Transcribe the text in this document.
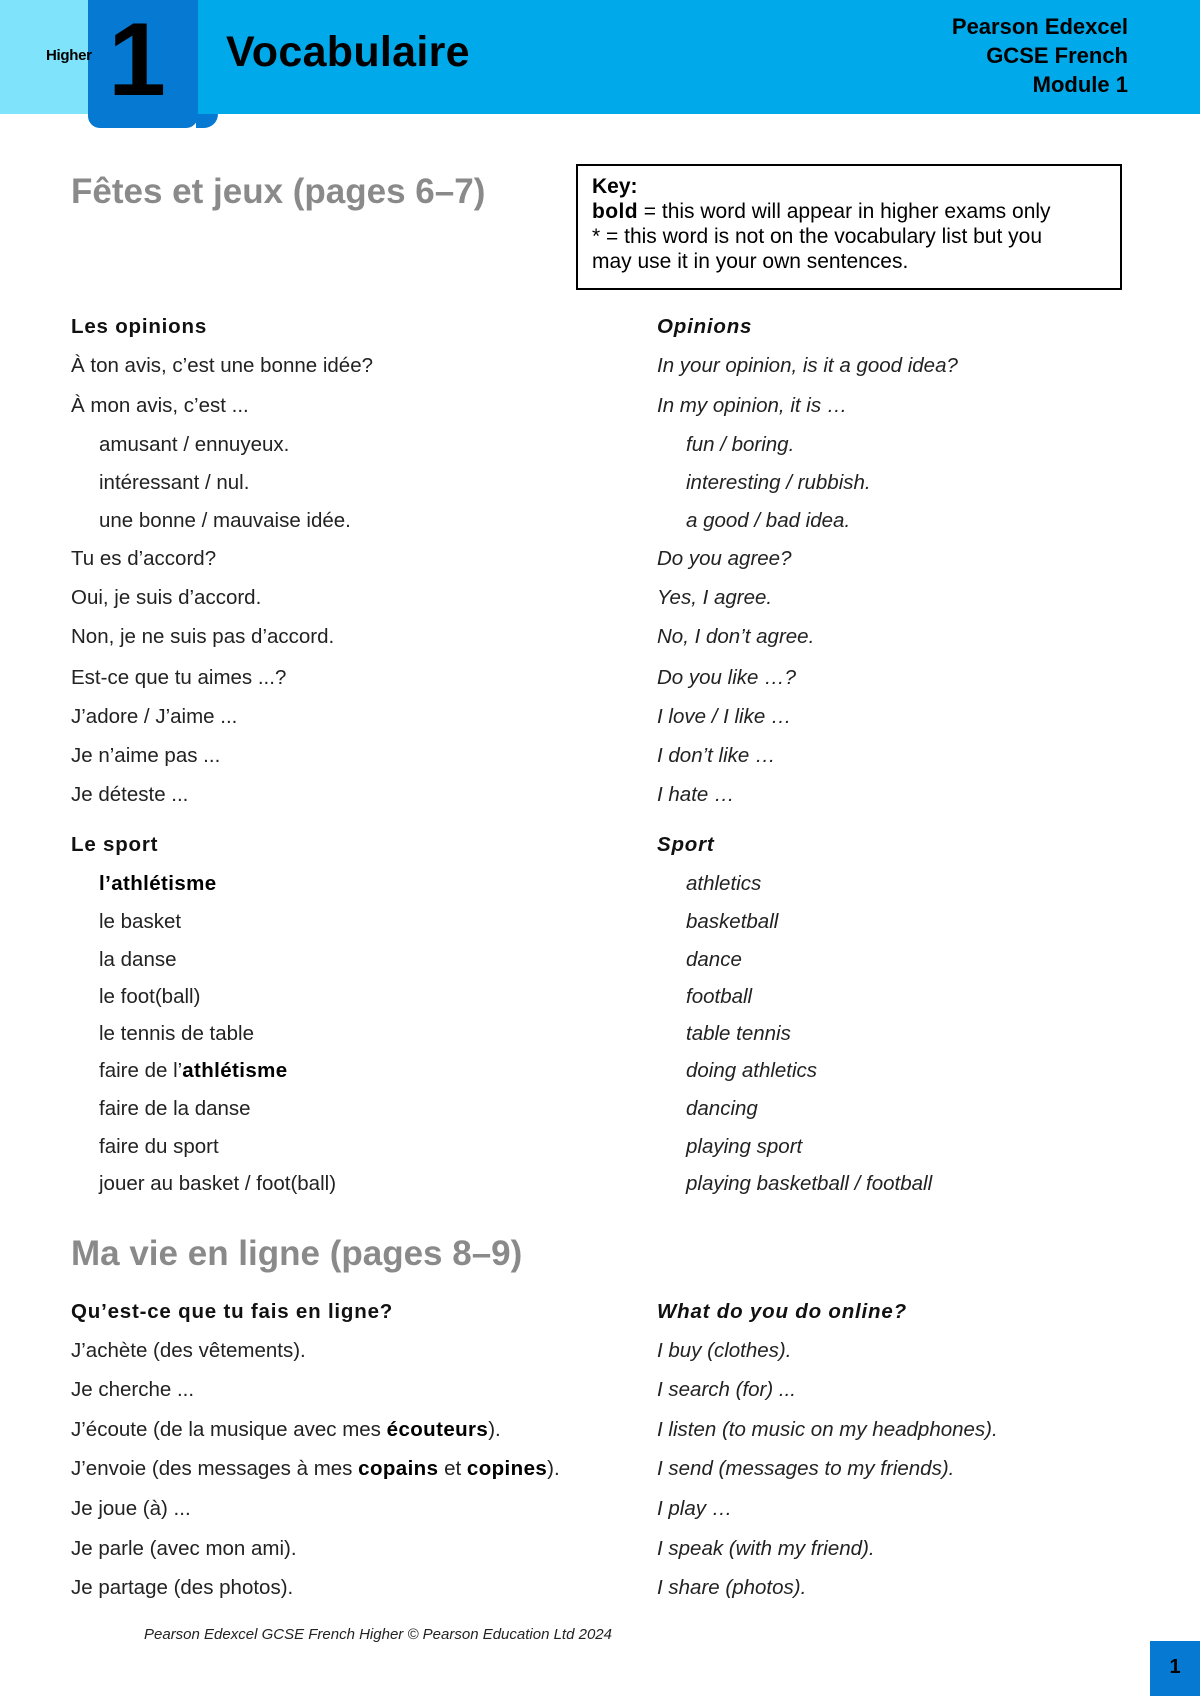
Higher 1 Vocabulaire
Pearson Edexcel
GCSE French
Module 1
Fêtes et jeux (pages 6–7)	Key:
bold = this word will appear in higher exams only
* = this word is not on the vocabulary list but you
may use it in your own sentences.
Les opinions	Opinions
À ton avis, c’est une bonne idée?	In your opinion, is it a good idea?
À mon avis, c’est ...	In my opinion, it is …
amusant / ennuyeux.	fun / boring.
intéressant / nul.	interesting / rubbish.
une bonne / mauvaise idée.	a good / bad idea.
Tu es d’accord?	Do you agree?
Oui, je suis d’accord.	Yes, I agree.
Non, je ne suis pas d’accord.	No, I don’t agree.
Est-ce que tu aimes ...?	Do you like …?
J’adore / J’aime ...	I love / I like …
Je n’aime pas ...	I don’t like …
Je déteste ...	I hate …
Le sport	Sport
l’athlétisme	athletics
le basket	basketball
la danse	dance
le foot(ball)	football
le tennis de table	table tennis
faire de l’athlétisme	doing athletics
faire de la danse	dancing
faire du sport	playing sport
jouer au basket / foot(ball)	playing basketball / football
Ma vie en ligne (pages 8–9)
Qu’est-ce que tu fais en ligne?	What do you do online?
J’achète (des vêtements).	I buy (clothes).
Je cherche ...	I search (for) ...
J’écoute (de la musique avec mes écouteurs).	I listen (to music on my headphones).
J’envoie (des messages à mes copains et copines).	I send (messages to my friends).
Je joue (à) ...	I play …
Je parle (avec mon ami).	I speak (with my friend).
Je partage (des photos).	I share (photos).
Pearson Edexcel GCSE French Higher © Pearson Education Ltd 2024
1
